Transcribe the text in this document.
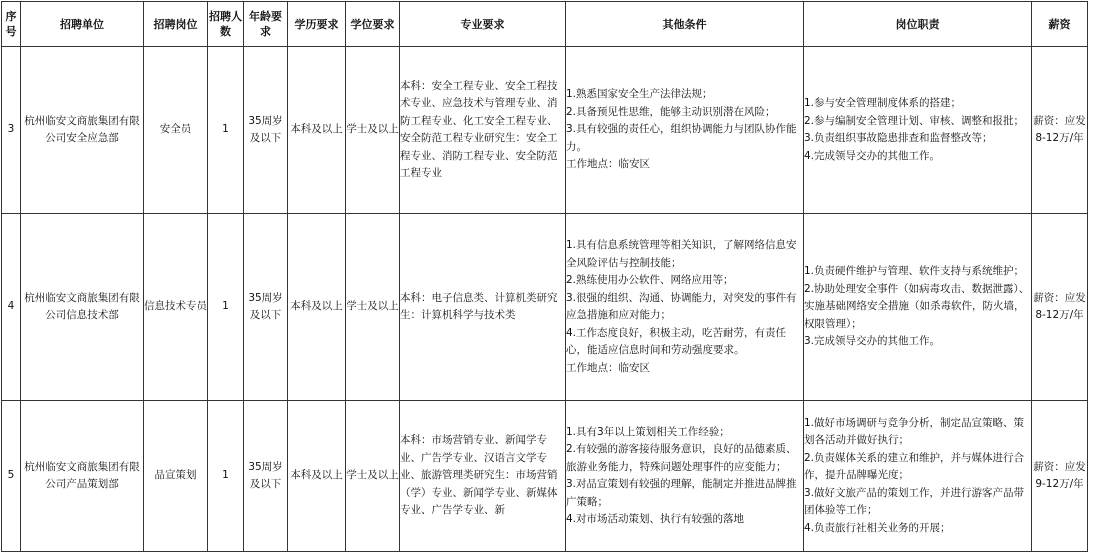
序号	招聘单位	招聘岗位	招聘人数	年龄要求	学历要求	学位要求	专业要求	其他条件	岗位职责	薪资
3	杭州临安文商旅集团有限公司安全应急部	安全员	1	35周岁及以下	本科及以上	学士及以上	本科：安全工程专业、安全工程技术专业、应急技术与管理专业、消防工程专业、化工安全工程专业、安全防范工程专业研究生：安全工程专业、消防工程专业、安全防范工程专业	1.熟悉国家安全生产法律法规；
2.具备预见性思维，能够主动识别潜在风险；
3.具有较强的责任心，组织协调能力与团队协作能力。
工作地点：临安区	1.参与安全管理制度体系的搭建；
2.参与编制安全管理计划、审核、调整和报批；
3.负责组织事故隐患排查和监督整改等；
4.完成领导交办的其他工作。	薪资：应发8-12万/年
4	杭州临安文商旅集团有限公司信息技术部	信息技术专员	1	35周岁及以下	本科及以上	学士及以上	本科：电子信息类、计算机类研究生：计算机科学与技术类	1.具有信息系统管理等相关知识，了解网络信息安全风险评估与控制技能；
2.熟练使用办公软件、网络应用等；
3.很强的组织、沟通、协调能力，对突发的事件有应急措施和应对能力；
4.工作态度良好，积极主动，吃苦耐劳，有责任心，能适应信息时间和劳动强度要求。
工作地点：临安区	1.负责硬件维护与管理、软件支持与系统维护；
2.协助处理安全事件（如病毒攻击、数据泄露）、实施基础网络安全措施（如杀毒软件，防火墙，权限管理）；
3.完成领导交办的其他工作。	薪资：应发8-12万/年
5	杭州临安文商旅集团有限公司产品策划部	品宣策划	1	35周岁及以下	本科及以上	学士及以上	本科：市场营销专业、新闻学专业、广告学专业、汉语言文学专业、旅游管理类研究生：市场营销（学）专业、新闻学专业、新媒体专业、广告学专业、新	1.具有3年以上策划相关工作经验；
2.有较强的游客接待服务意识，良好的品德素质、旅游业务能力，特殊问题处理事件的应变能力；
3.对品宣策划有较强的理解，能制定并推进品牌推广策略；
4.对市场活动策划、执行有较强的落地	1.做好市场调研与竞争分析，制定品宣策略、策划各活动并做好执行；
2.负责媒体关系的建立和维护，并与媒体进行合作，提升品牌曝光度；
3.做好文旅产品的策划工作，并进行游客产品带团体验等工作；
4.负责旅行社相关业务的开展；	薪资：应发9-12万/年
